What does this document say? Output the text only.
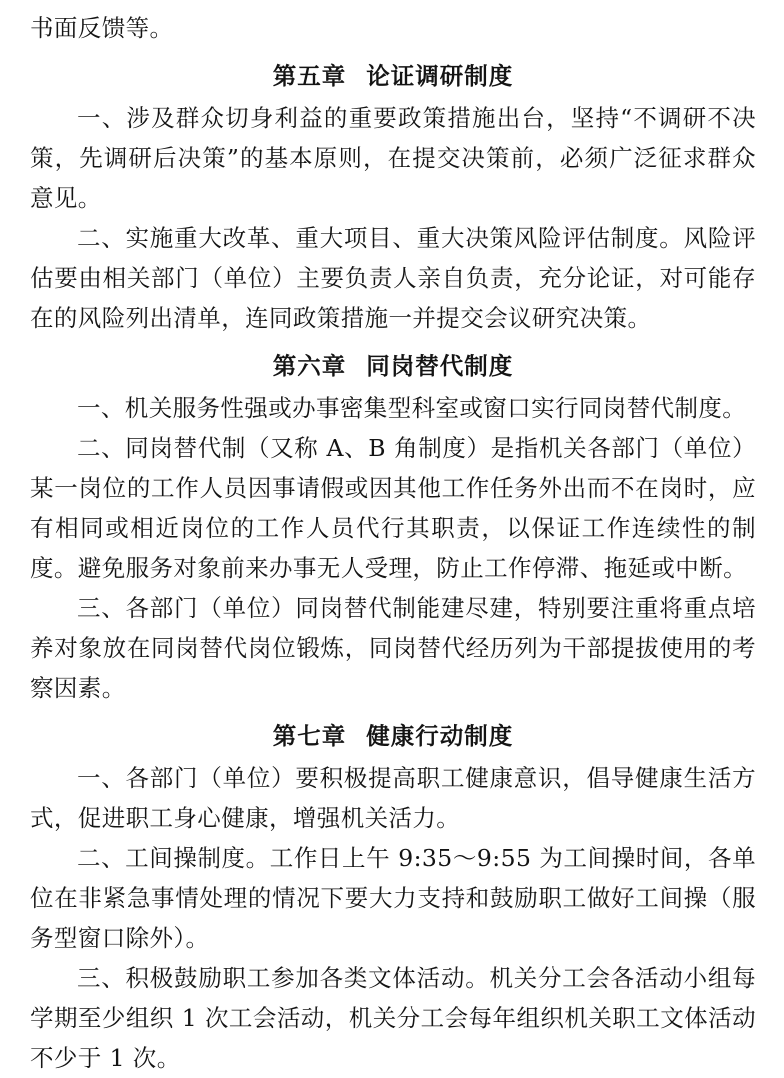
书面反馈等。

第五章 论证调研制度

一、涉及群众切身利益的重要政策措施出台，坚持“不调研不决策，先调研后决策”的基本原则，在提交决策前，必须广泛征求群众意见。

二、实施重大改革、重大项目、重大决策风险评估制度。风险评估要由相关部门（单位）主要负责人亲自负责，充分论证，对可能存在的风险列出清单，连同政策措施一并提交会议研究决策。

第六章 同岗替代制度

一、机关服务性强或办事密集型科室或窗口实行同岗替代制度。

二、同岗替代制（又称 A、B 角制度）是指机关各部门（单位）某一岗位的工作人员因事请假或因其他工作任务外出而不在岗时，应有相同或相近岗位的工作人员代行其职责，以保证工作连续性的制度。避免服务对象前来办事无人受理，防止工作停滞、拖延或中断。

三、各部门（单位）同岗替代制能建尽建，特别要注重将重点培养对象放在同岗替代岗位锻炼，同岗替代经历列为干部提拔使用的考察因素。

第七章 健康行动制度

一、各部门（单位）要积极提高职工健康意识，倡导健康生活方式，促进职工身心健康，增强机关活力。

二、工间操制度。工作日上午 9:35～9:55 为工间操时间，各单位在非紧急事情处理的情况下要大力支持和鼓励职工做好工间操（服务型窗口除外）。

三、积极鼓励职工参加各类文体活动。机关分工会各活动小组每学期至少组织 1 次工会活动，机关分工会每年组织机关职工文体活动不少于 1 次。
